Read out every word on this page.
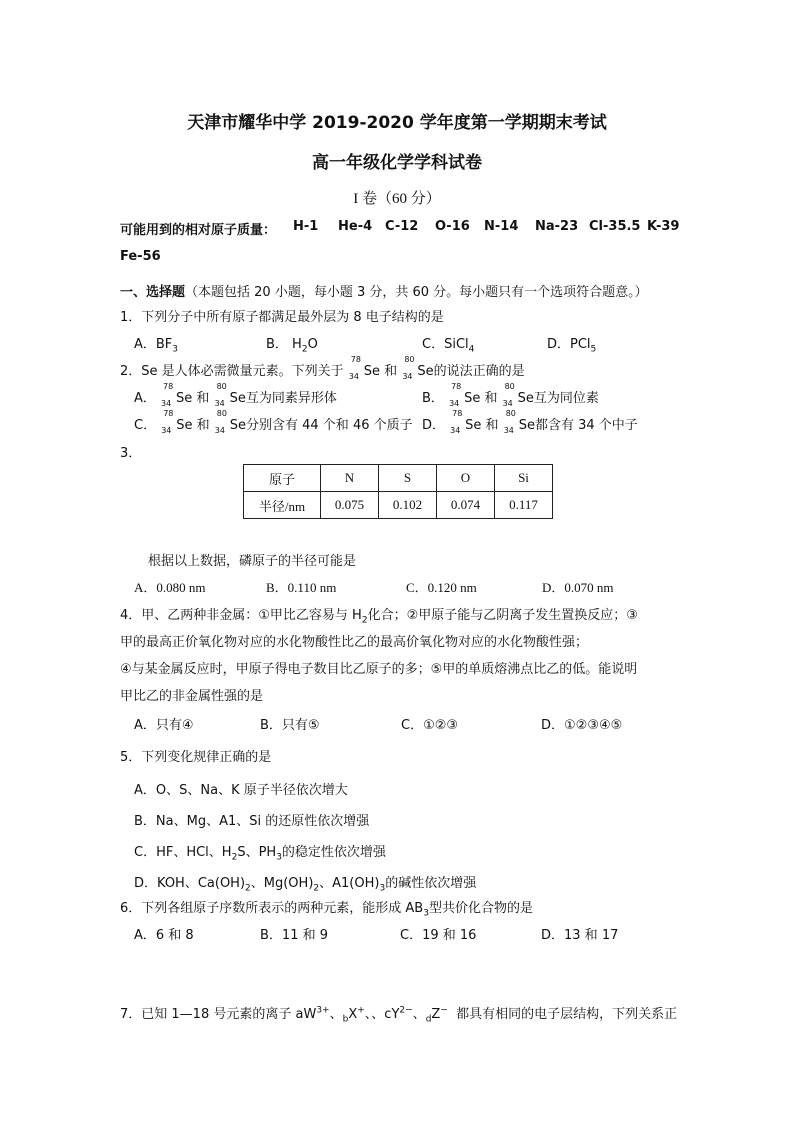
天津市耀华中学 2019-2020 学年度第一学期期末考试
高一年级化学学科试卷
I 卷（60 分）
可能用到的相对原子质量： H-1 He-4 C-12 O-16 N-14 Na-23 Cl-35.5 K-39
Fe-56
一、选择题（本题包括 20 小题，每小题 3 分，共 60 分。每小题只有一个选项符合题意。）
1．下列分子中所有原子都满足最外层为 8 电子结构的是
A．$BF_3$	B． $H_2O$	C．SiCl$_4$	D．PCl$_5$
2．Se 是人体必需微量元素。下列关于
78
34 Se 和
80
34 Se的说法正确的是
A．
78
34 Se 和
80
34 Se互为同素异形体	B．
78
34 Se 和
80
34 Se互为同位素
C．
78
34 Se 和
80
34 Se分别含有 44 个和 46 个质子 D．
78
34 Se 和
80
34 Se都含有 34 个中子
3．
原子	N	S	O	Si
半径/nm	0.075	0.102	0.074	0.117
根据以上数据，磷原子的半径可能是
A．0.080 nm	B．0.110 nm	C．0.120 nm	D．0.070 nm
4．甲、乙两种非金属：①甲比乙容易与 $H_2$化合；②甲原子能与乙阴离子发生置换反应；③
甲的最高正价氧化物对应的水化物酸性比乙的最高价氧化物对应的水化物酸性强；
④与某金属反应时，甲原子得电子数目比乙原子的多；⑤甲的单质熔沸点比乙的低。能说明
甲比乙的非金属性强的是
A．只有④	B．只有⑤	C．①②③	D．①②③④⑤
5．下列变化规律正确的是
A．O、S、Na、K 原子半径依次增大
B．Na、Mg、A1、Si 的还原性依次增强
C．HF、HCl、$H_2S$、$PH_3$的稳定性依次增强
D．KOH、$Ca(OH)_2$、$Mg(OH)_2$、$A1(OH)_3$的碱性依次增强
6．下列各组原子序数所表示的两种元素，能形成 $AB_3$型共价化合物的是
A．6 和 8	B．11 和 9	C．19 和 16	D．13 和 17
7．已知 1—18 号元素的离子 $aW^{3+}$、$_b$X+、、$cY^{2-}$、$_d$Z− 都具有相同的电子层结构，下列关系正
